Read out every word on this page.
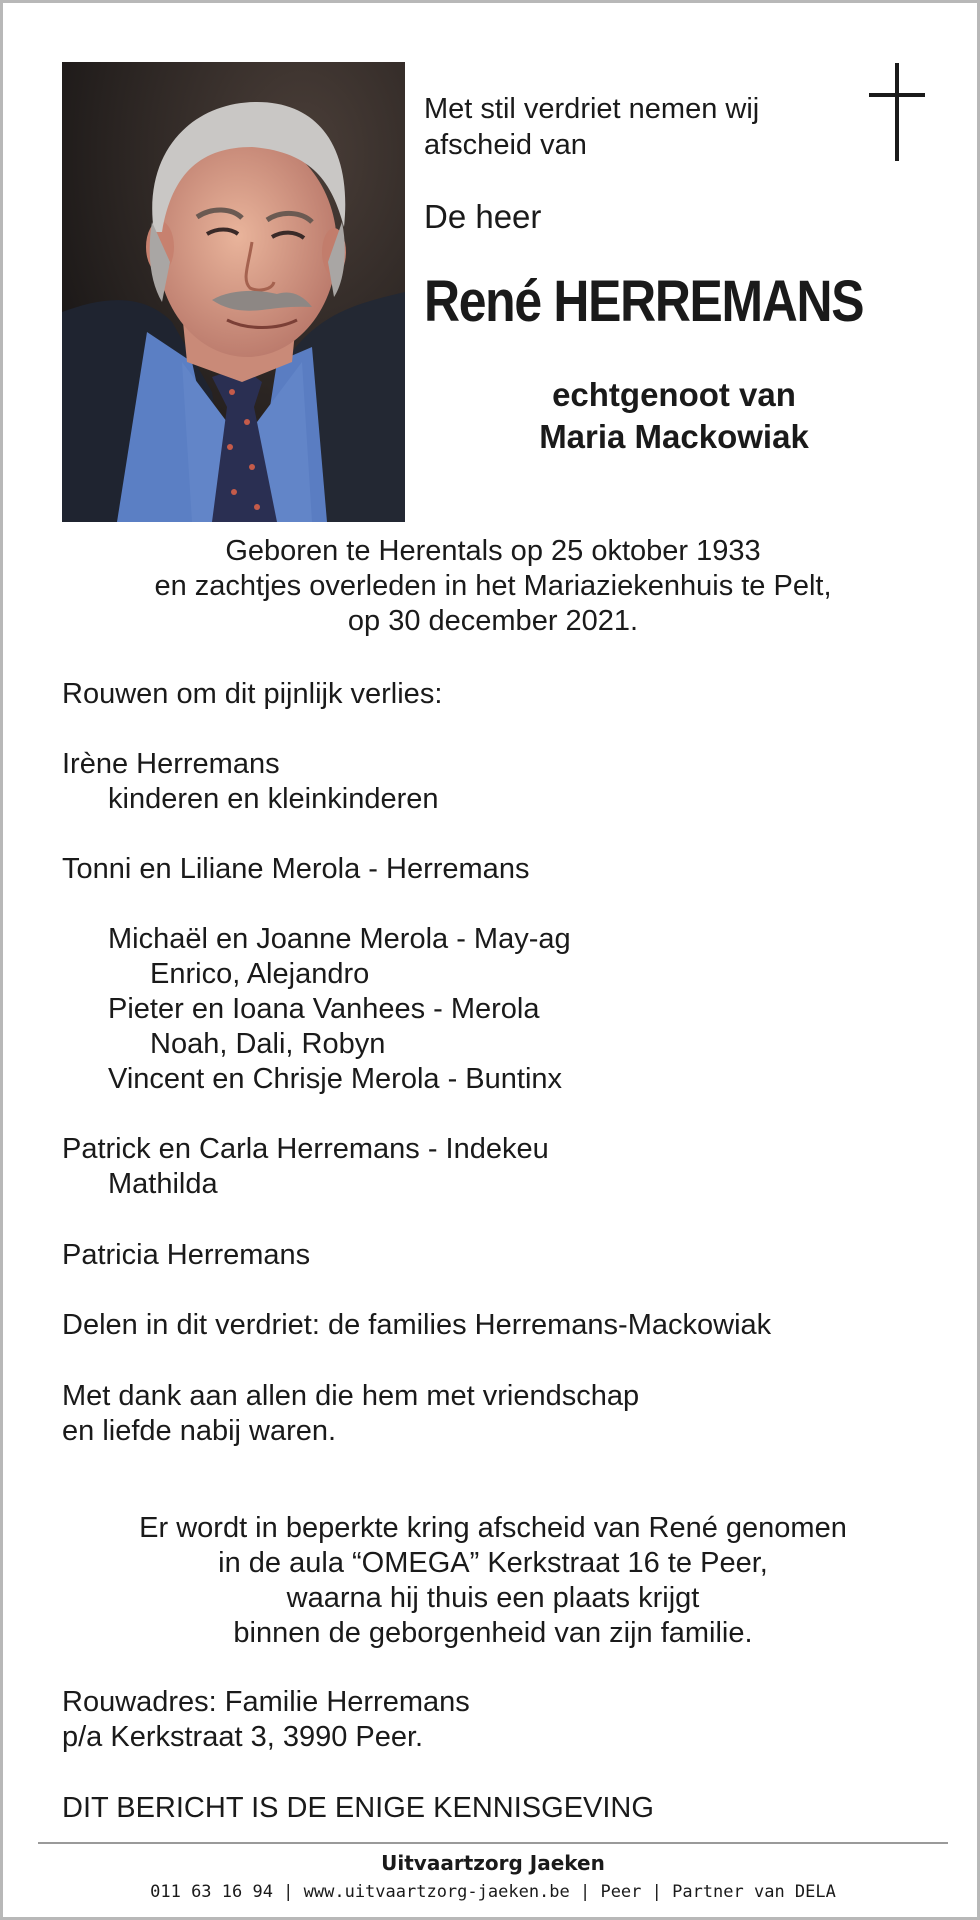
Met stil verdriet nemen wij
afscheid van
De heer
René HERREMANS
echtgenoot van
Maria Mackowiak
Geboren te Herentals op 25 oktober 1933
en zachtjes overleden in het Mariaziekenhuis te Pelt,
op 30 december 2021.
Rouwen om dit pijnlijk verlies:
Irène Herremans
kinderen en kleinkinderen
Tonni en Liliane Merola - Herremans
Michaël en Joanne Merola - May-ag
Enrico, Alejandro
Pieter en Ioana Vanhees - Merola
Noah, Dali, Robyn
Vincent en Chrisje Merola - Buntinx
Patrick en Carla Herremans - Indekeu
Mathilda
Patricia Herremans
Delen in dit verdriet: de families Herremans-Mackowiak
Met dank aan allen die hem met vriendschap
en liefde nabij waren.
Er wordt in beperkte kring afscheid van René genomen
in de aula “OMEGA” Kerkstraat 16 te Peer,
waarna hij thuis een plaats krijgt
binnen de geborgenheid van zijn familie.
Rouwadres: Familie Herremans
p/a Kerkstraat 3, 3990 Peer.
DIT BERICHT IS DE ENIGE KENNISGEVING
Uitvaartzorg Jaeken
011 63 16 94 | www.uitvaartzorg-jaeken.be | Peer | Partner van DELA
